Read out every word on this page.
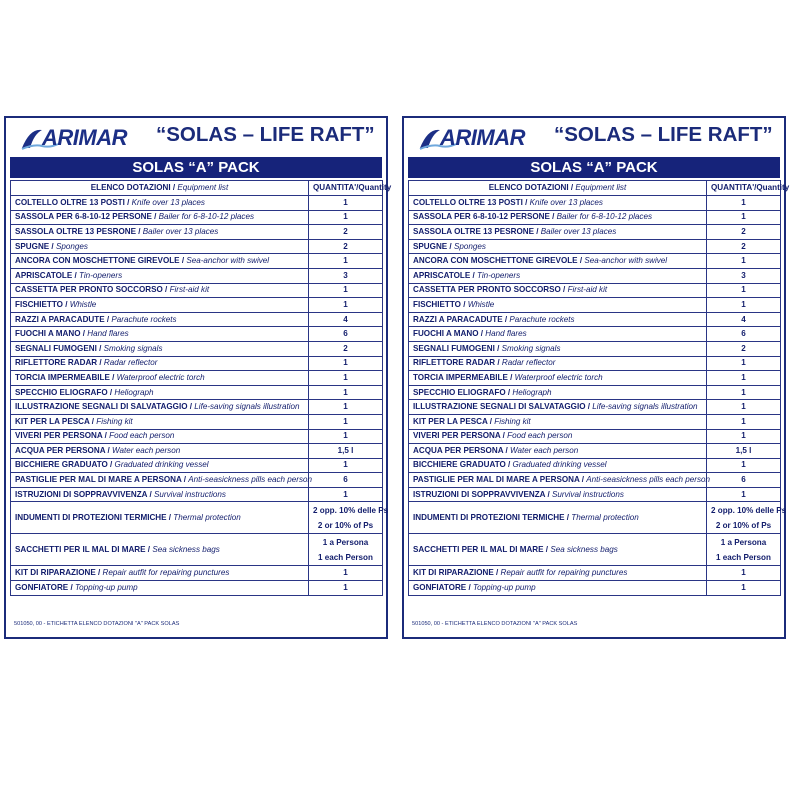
ARIMAR “SOLAS – LIFE RAFT”
SOLAS “A” PACK
ELENCO DOTAZIONI / Equipment list	QUANTITA'/Quantity
COLTELLO OLTRE 13 POSTI / Knife over 13 places	1
SASSOLA PER 6-8-10-12 PERSONE / Bailer for 6-8-10-12 places	1
SASSOLA OLTRE 13 PESRONE / Bailer over 13 places	2
SPUGNE / Sponges	2
ANCORA CON MOSCHETTONE GIREVOLE / Sea-anchor with swivel	1
APRISCATOLE / Tin-openers	3
CASSETTA PER PRONTO SOCCORSO / First-aid kit	1
FISCHIETTO / Whistle	1
RAZZI A PARACADUTE / Parachute rockets	4
FUOCHI A MANO / Hand flares	6
SEGNALI FUMOGENI / Smoking signals	2
RIFLETTORE RADAR / Radar reflector	1
TORCIA IMPERMEABILE / Waterproof electric torch	1
SPECCHIO ELIOGRAFO / Heliograph	1
ILLUSTRAZIONE SEGNALI DI SALVATAGGIO / Life-saving signals illustration	1
KIT PER LA PESCA / Fishing kit	1
VIVERI PER PERSONA / Food each person	1
ACQUA PER PERSONA / Water each person	1,5 l
BICCHIERE GRADUATO / Graduated drinking vessel	1
PASTIGLIE PER MAL DI MARE A PERSONA / Anti-seasickness pills each person	6
ISTRUZIONI DI SOPPRAVVIVENZA / Survival instructions	1
INDUMENTI DI PROTEZIONI TERMICHE / Thermal protection	2 opp. 10% delle Ps
2 or 10% of Ps

SACCHETTI PER IL MAL DI MARE / Sea sickness bags	1 a Persona
1 each Person

KIT DI RIPARAZIONE / Repair autfit for repairing punctures	1
GONFIATORE / Topping-up pump	1
501050, 00 - ETICHETTA ELENCO DOTAZIONI "A" PACK SOLAS
ARIMAR “SOLAS – LIFE RAFT”
SOLAS “A” PACK
ELENCO DOTAZIONI / Equipment list	QUANTITA'/Quantity
COLTELLO OLTRE 13 POSTI / Knife over 13 places	1
SASSOLA PER 6-8-10-12 PERSONE / Bailer for 6-8-10-12 places	1
SASSOLA OLTRE 13 PESRONE / Bailer over 13 places	2
SPUGNE / Sponges	2
ANCORA CON MOSCHETTONE GIREVOLE / Sea-anchor with swivel	1
APRISCATOLE / Tin-openers	3
CASSETTA PER PRONTO SOCCORSO / First-aid kit	1
FISCHIETTO / Whistle	1
RAZZI A PARACADUTE / Parachute rockets	4
FUOCHI A MANO / Hand flares	6
SEGNALI FUMOGENI / Smoking signals	2
RIFLETTORE RADAR / Radar reflector	1
TORCIA IMPERMEABILE / Waterproof electric torch	1
SPECCHIO ELIOGRAFO / Heliograph	1
ILLUSTRAZIONE SEGNALI DI SALVATAGGIO / Life-saving signals illustration	1
KIT PER LA PESCA / Fishing kit	1
VIVERI PER PERSONA / Food each person	1
ACQUA PER PERSONA / Water each person	1,5 l
BICCHIERE GRADUATO / Graduated drinking vessel	1
PASTIGLIE PER MAL DI MARE A PERSONA / Anti-seasickness pills each person	6
ISTRUZIONI DI SOPPRAVVIVENZA / Survival instructions	1
INDUMENTI DI PROTEZIONI TERMICHE / Thermal protection	2 opp. 10% delle Ps
2 or 10% of Ps

SACCHETTI PER IL MAL DI MARE / Sea sickness bags	1 a Persona
1 each Person

KIT DI RIPARAZIONE / Repair autfit for repairing punctures	1
GONFIATORE / Topping-up pump	1
501050, 00 - ETICHETTA ELENCO DOTAZIONI "A" PACK SOLAS
